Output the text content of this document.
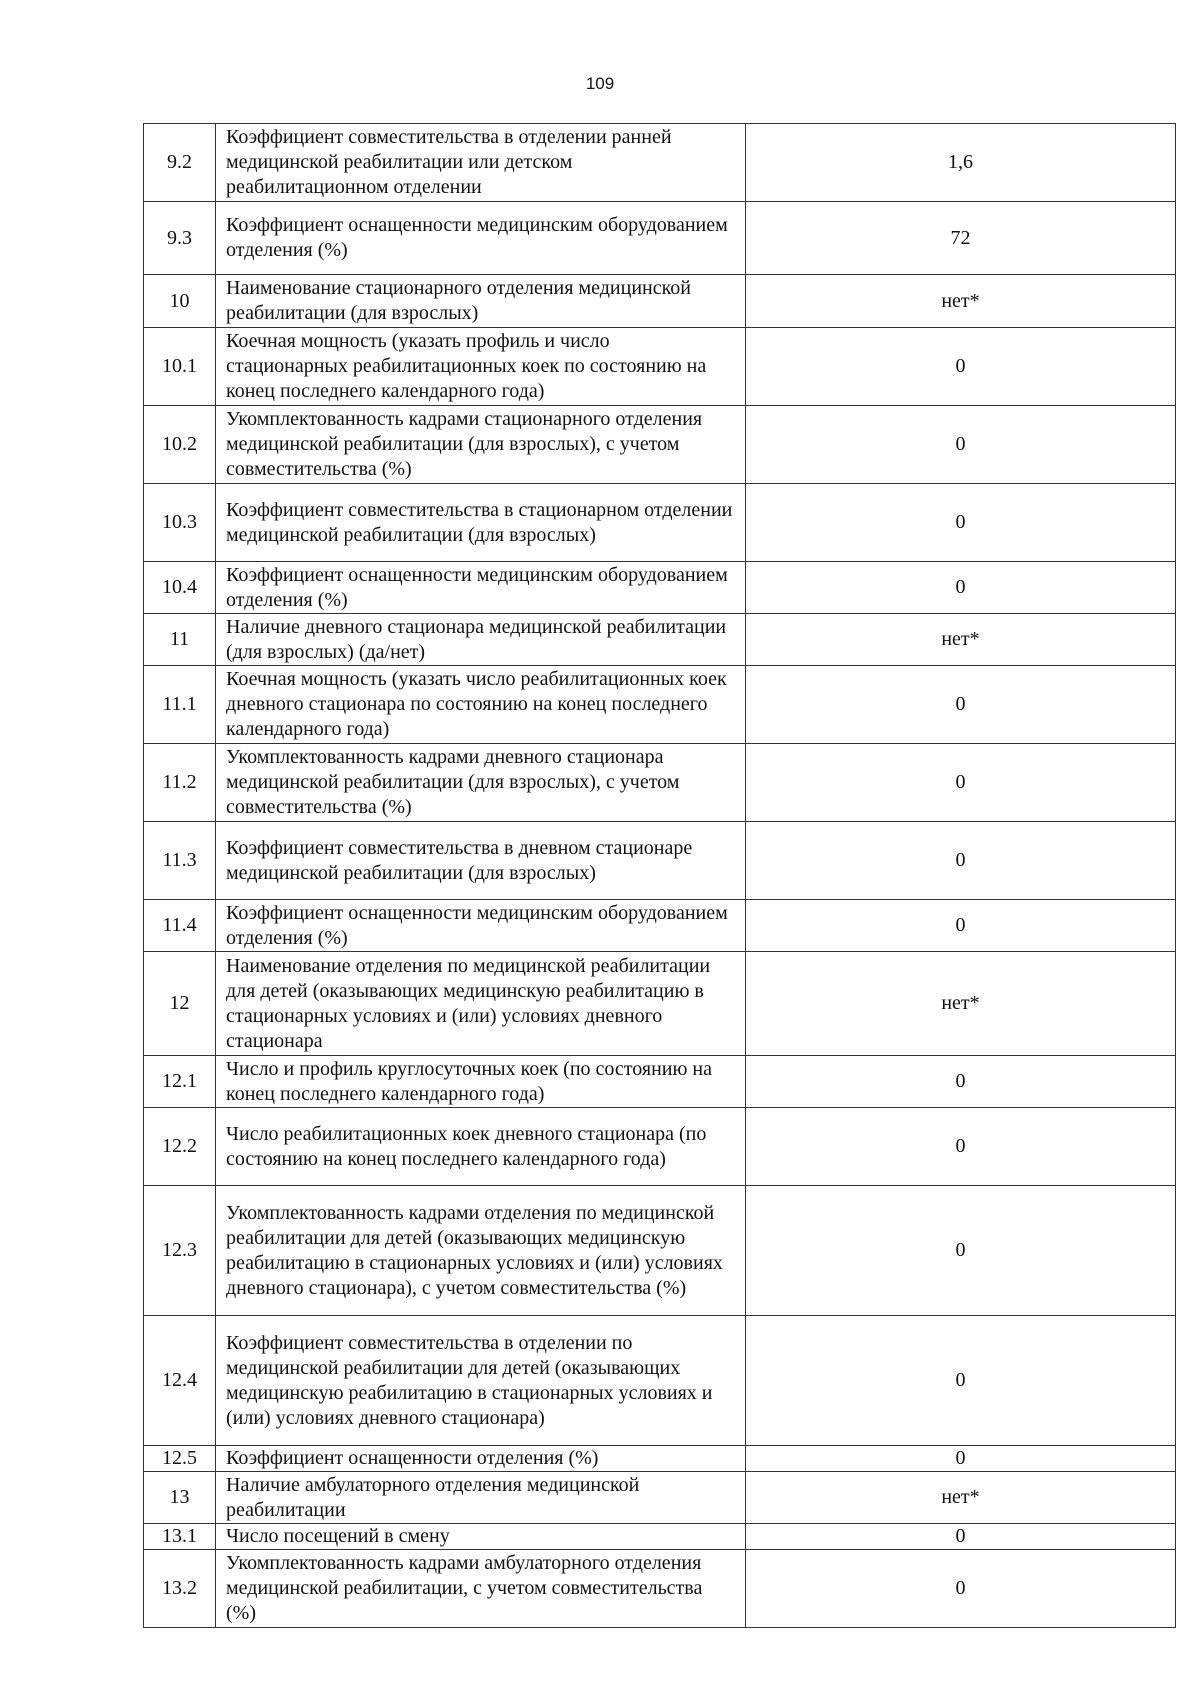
109
9.2	Коэффициент совместительства в отделении ранней медицинской реабилитации или детском реабилитационном отделении	1,6
9.3	Коэффициент оснащенности медицинским оборудованием отделения (%)	72
10	Наименование стационарного отделения медицинской реабилитации (для взрослых)	нет*
10.1	Коечная мощность (указать профиль и число стационарных реабилитационных коек по состоянию на конец последнего календарного года)	0
10.2	Укомплектованность кадрами стационарного отделения медицинской реабилитации (для взрослых), с учетом совместительства (%)	0
10.3	Коэффициент совместительства в стационарном отделении медицинской реабилитации (для взрослых)	0
10.4	Коэффициент оснащенности медицинским оборудованием отделения (%)	0
11	Наличие дневного стационара медицинской реабилитации (для взрослых) (да/нет)	нет*
11.1	Коечная мощность (указать число реабилитационных коек дневного стационара по состоянию на конец последнего календарного года)	0
11.2	Укомплектованность кадрами дневного стационара медицинской реабилитации (для взрослых), с учетом совместительства (%)	0
11.3	Коэффициент совместительства в дневном стационаре медицинской реабилитации (для взрослых)	0
11.4	Коэффициент оснащенности медицинским оборудованием отделения (%)	0
12	Наименование отделения по медицинской реабилитации для детей (оказывающих медицинскую реабилитацию в стационарных условиях и (или) условиях дневного стационара	нет*
12.1	Число и профиль круглосуточных коек (по состоянию на конец последнего календарного года)	0
12.2	Число реабилитационных коек дневного стационара (по состоянию на конец последнего календарного года)	0
12.3	Укомплектованность кадрами отделения по медицинской реабилитации для детей (оказывающих медицинскую реабилитацию в стационарных условиях и (или) условиях дневного стационара), с учетом совместительства (%)	0
12.4	Коэффициент совместительства в отделении по медицинской реабилитации для детей (оказывающих медицинскую реабилитацию в стационарных условиях и (или) условиях дневного стационара)	0
12.5	Коэффициент оснащенности отделения (%)	0
13	Наличие амбулаторного отделения медицинской реабилитации	нет*
13.1	Число посещений в смену	0
13.2	Укомплектованность кадрами амбулаторного отделения медицинской реабилитации, с учетом совместительства (%)	0
